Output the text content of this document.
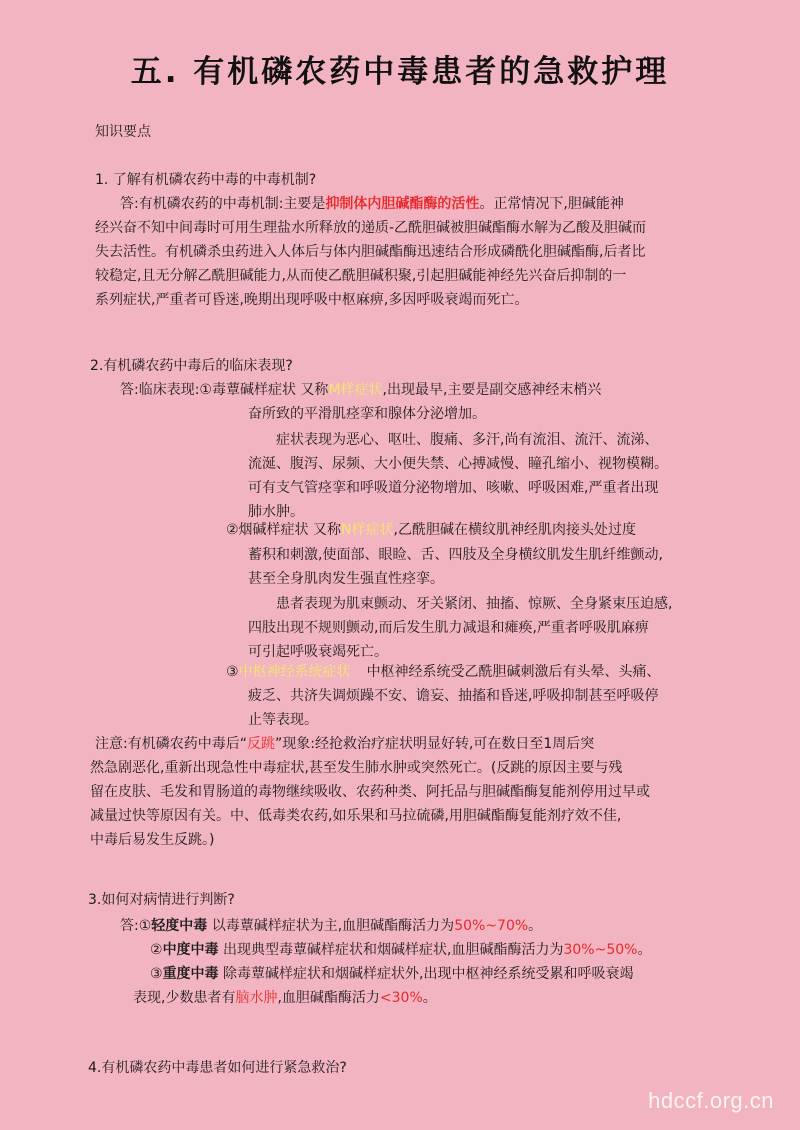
五. 有机磷农药中毒患者的急救护理
知识要点
1. 了解有机磷农药中毒的中毒机制?
答:有机磷农药的中毒机制:主要是抑制体内胆碱酯酶的活性。正常情况下,胆碱能神
经兴奋不知中间毒时可用生理盐水所释放的递质-乙酰胆碱被胆碱酯酶水解为乙酸及胆碱而
失去活性。有机磷杀虫药进入人体后与体内胆碱酯酶迅速结合形成磷酰化胆碱酯酶,后者比
较稳定,且无分解乙酰胆碱能力,从而使乙酰胆碱积聚,引起胆碱能神经先兴奋后抑制的一
系列症状,严重者可昏迷,晚期出现呼吸中枢麻痹,多因呼吸衰竭而死亡。
2.有机磷农药中毒后的临床表现?
答:临床表现:①毒蕈碱样症状 又称M样症状,出现最早,主要是副交感神经末梢兴
奋所致的平滑肌痉挛和腺体分泌增加。
症状表现为恶心、呕吐、腹痛、多汗,尚有流泪、流汗、流涕、
流涎、腹泻、尿频、大小便失禁、心搏减慢、瞳孔缩小、视物模糊。
可有支气管痉挛和呼吸道分泌物增加、咳嗽、呼吸困难,严重者出现
肺水肿。
②烟碱样症状 又称N样症状,乙酰胆碱在横纹肌神经肌肉接头处过度
蓄积和刺激,使面部、眼睑、舌、四肢及全身横纹肌发生肌纤维颤动,
甚至全身肌肉发生强直性痉挛。
患者表现为肌束颤动、牙关紧闭、抽搐、惊厥、全身紧束压迫感,
四肢出现不规则颤动,而后发生肌力减退和瘫痪,严重者呼吸肌麻痹
可引起呼吸衰竭死亡。
③中枢神经系统症状 中枢神经系统受乙酰胆碱刺激后有头晕、头痛、
疲乏、共济失调烦躁不安、谵妄、抽搐和昏迷,呼吸抑制甚至呼吸停
止等表现。
注意:有机磷农药中毒后“反跳”现象:经抢救治疗症状明显好转,可在数日至1周后突
然急剧恶化,重新出现急性中毒症状,甚至发生肺水肿或突然死亡。(反跳的原因主要与残
留在皮肤、毛发和胃肠道的毒物继续吸收、农药种类、阿托品与胆碱酯酶复能剂停用过早或
减量过快等原因有关。中、低毒类农药,如乐果和马拉硫磷,用胆碱酯酶复能剂疗效不佳,
中毒后易发生反跳。)
3.如何对病情进行判断?
答:①轻度中毒 以毒蕈碱样症状为主,血胆碱酯酶活力为50%~70%。
②中度中毒 出现典型毒蕈碱样症状和烟碱样症状,血胆碱酯酶活力为30%~50%。
③重度中毒 除毒蕈碱样症状和烟碱样症状外,出现中枢神经系统受累和呼吸衰竭
表现,少数患者有脑水肿,血胆碱酯酶活力<30%。
4.有机磷农药中毒患者如何进行紧急救治?
hdccf.org.cn
